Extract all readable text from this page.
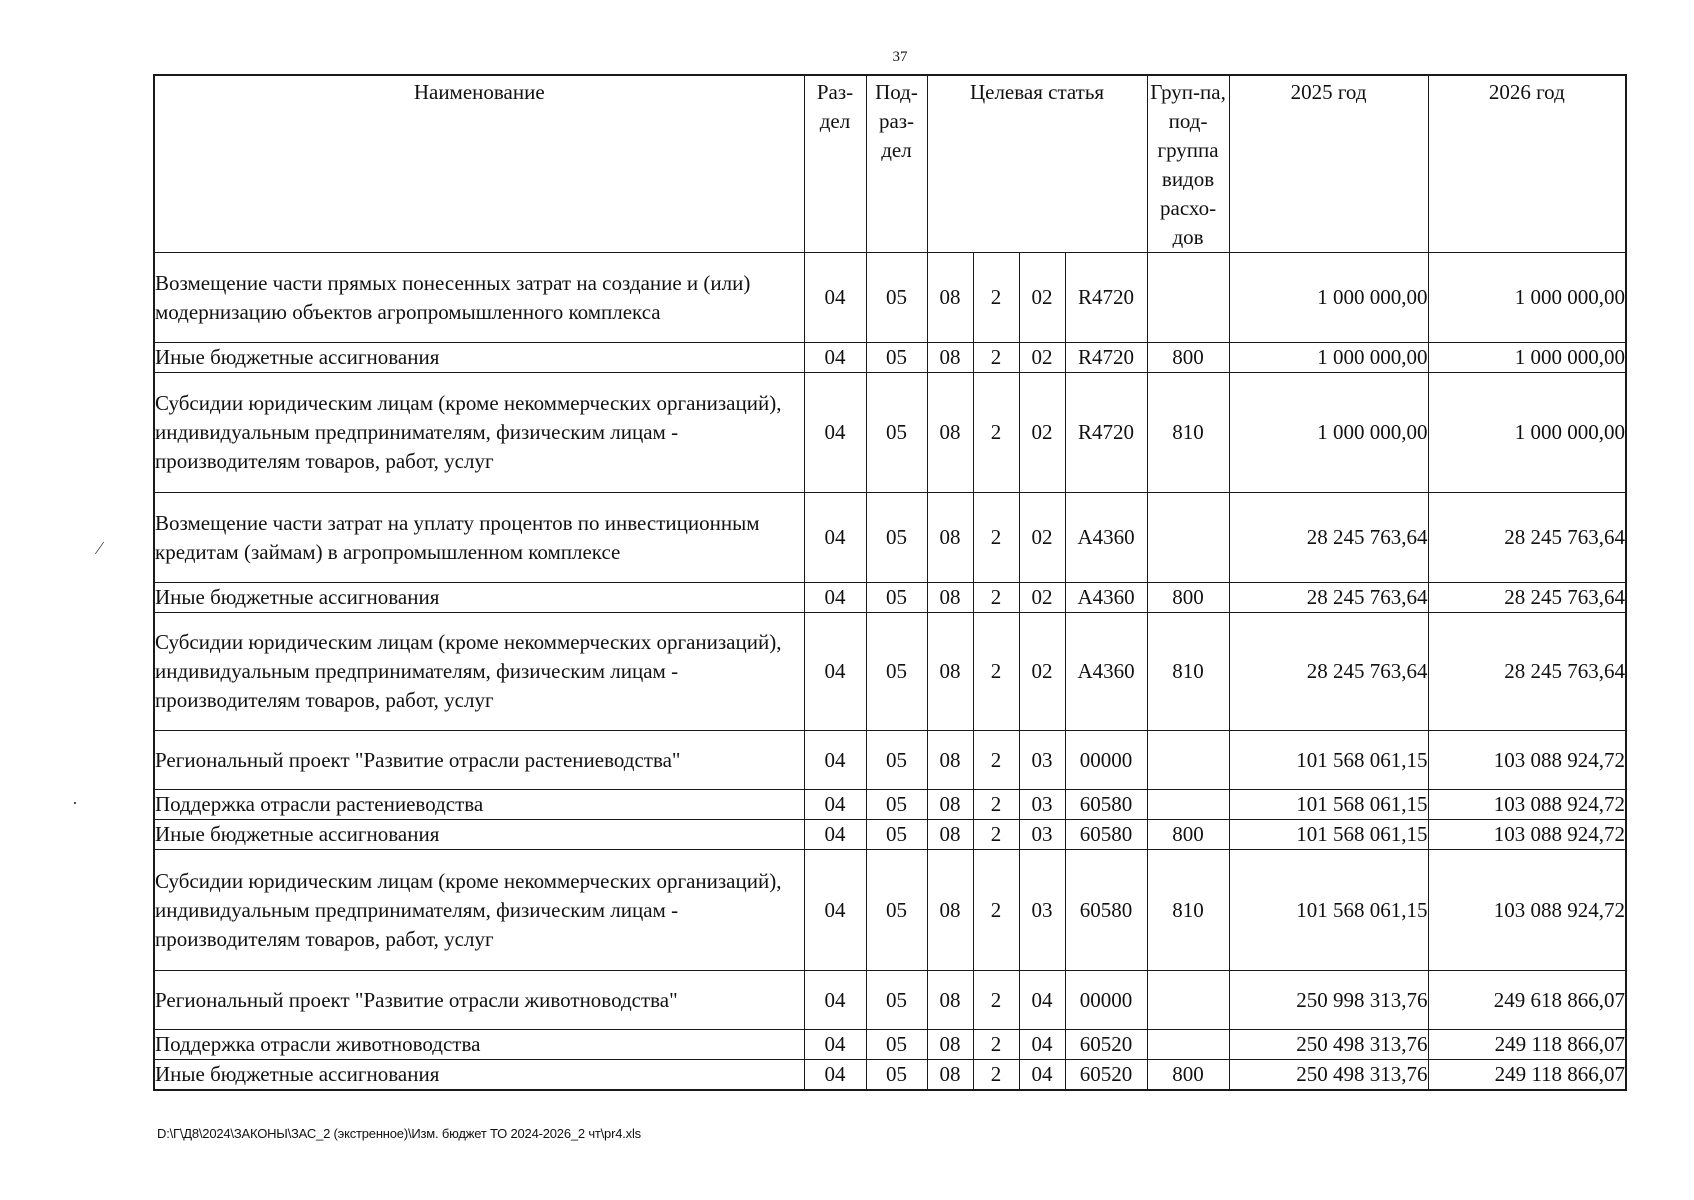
37
Наименование	Раз-дел	Под-раз-дел	Целевая статья				Груп-па, под-группа видов расхо-дов	2025 год	2026 год
Возмещение части прямых понесенных затрат на создание и (или) модернизацию объектов агропромышленного комплекса	04	05	08	2	02	R4720		1 000 000,00	1 000 000,00
Иные бюджетные ассигнования	04	05	08	2	02	R4720	800	1 000 000,00	1 000 000,00
Субсидии юридическим лицам (кроме некоммерческих организаций), индивидуальным предпринимателям, физическим лицам - производителям товаров, работ, услуг	04	05	08	2	02	R4720	810	1 000 000,00	1 000 000,00
Возмещение части затрат на уплату процентов по инвестиционным кредитам (займам) в агропромышленном комплексе	04	05	08	2	02	A4360		28 245 763,64	28 245 763,64
Иные бюджетные ассигнования	04	05	08	2	02	A4360	800	28 245 763,64	28 245 763,64
Субсидии юридическим лицам (кроме некоммерческих организаций), индивидуальным предпринимателям, физическим лицам - производителям товаров, работ, услуг	04	05	08	2	02	A4360	810	28 245 763,64	28 245 763,64
Региональный проект "Развитие отрасли растениеводства"	04	05	08	2	03	00000		101 568 061,15	103 088 924,72
Поддержка отрасли растениеводства	04	05	08	2	03	60580		101 568 061,15	103 088 924,72
Иные бюджетные ассигнования	04	05	08	2	03	60580	800	101 568 061,15	103 088 924,72
Субсидии юридическим лицам (кроме некоммерческих организаций), индивидуальным предпринимателям, физическим лицам - производителям товаров, работ, услуг	04	05	08	2	03	60580	810	101 568 061,15	103 088 924,72
Региональный проект "Развитие отрасли животноводства"	04	05	08	2	04	00000		250 998 313,76	249 618 866,07
Поддержка отрасли животноводства	04	05	08	2	04	60520		250 498 313,76	249 118 866,07
Иные бюджетные ассигнования	04	05	08	2	04	60520	800	250 498 313,76	249 118 866,07
D:\Г\Д8\2024\ЗАКОНЫ\ЗАС_2 (экстренное)\Изм. бюджет ТО 2024-2026_2 чт\pr4.xls
⁄
·
